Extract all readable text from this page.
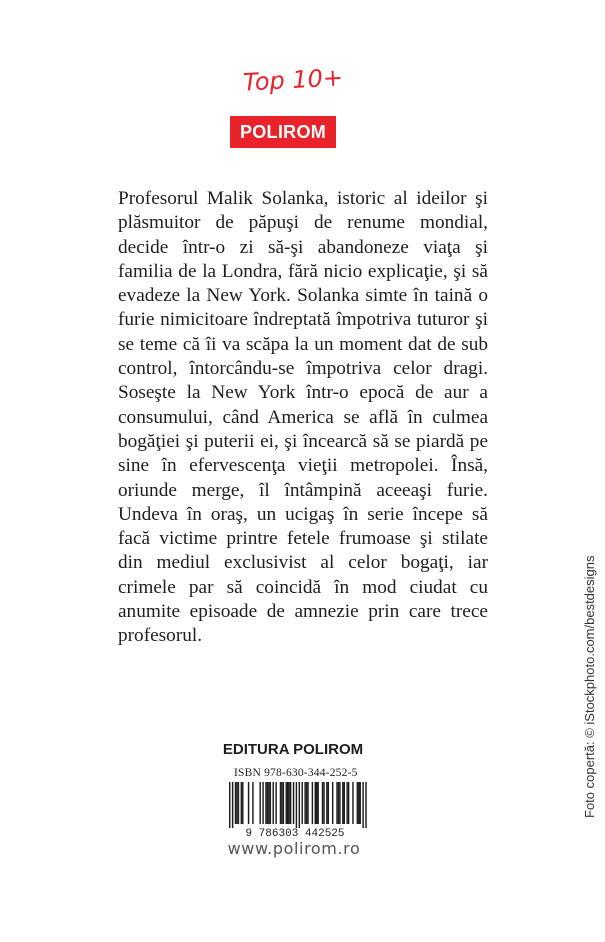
Top 10+
POLIROM

Profesorul Malik Solanka, istoric al ideilor şi plăsmuitor de păpuşi de renume mondial, decide într-o zi să-şi abandoneze viaţa şi familia de la Londra, fără nicio explicaţie, şi să evadeze la New York. Solanka simte în taină o furie nimicitoare îndreptată împotriva tuturor şi se teme că îi va scăpa la un moment dat de sub control, întorcându-se împotriva celor dragi. Soseşte la New York într-o epocă de aur a consumului, când America se află în culmea bogăţiei şi puterii ei, şi încearcă să se piardă pe sine în efervescenţa vieţii metropolei. Însă, oriunde merge, îl întâmpină aceeaşi furie. Undeva în oraş, un ucigaş în serie începe să facă victime printre fetele frumoase şi stilate din mediul exclusivist al celor bogaţi, iar crimele par să coincidă în mod ciudat cu anumite episoade de amnezie prin care trece profesorul.

EDITURA POLIROM
ISBN 978-630-344-252-5
9 786303 442525
www.polirom.ro
Foto copertă: © iStockphoto.com/bestdesigns
